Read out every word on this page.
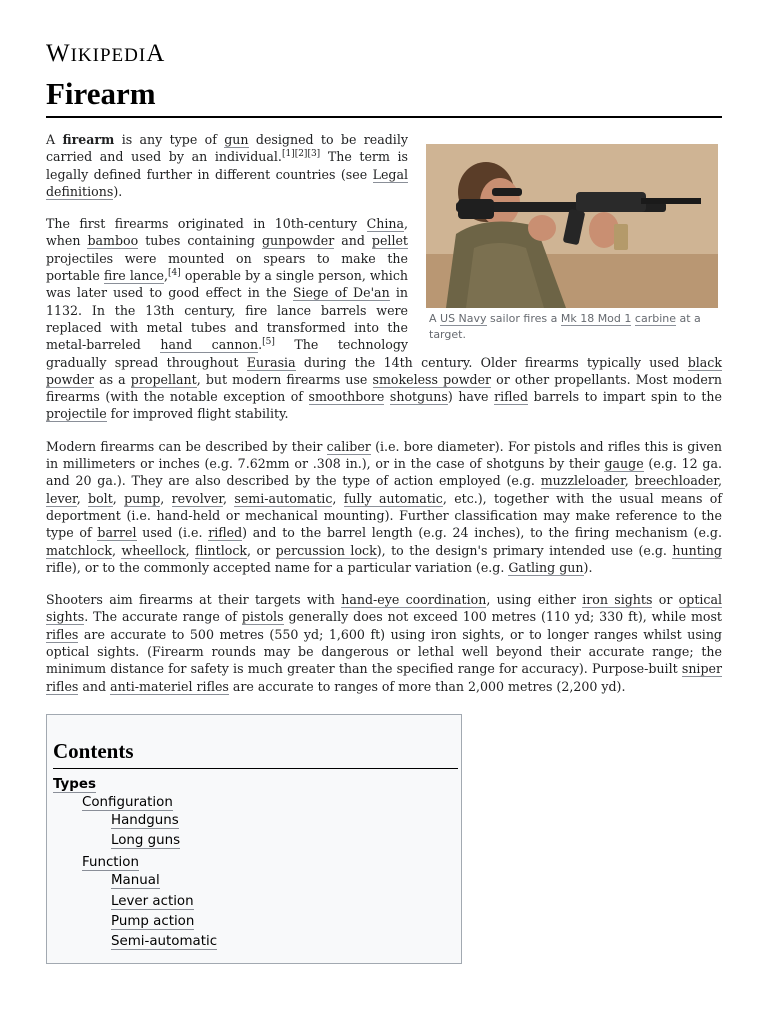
WIKIPEDIA
Firearm

A US Navy sailor fires a Mk 18 Mod 1 carbine at a target.
A firearm is any type of gun designed to be readily carried and used by an individual.[1][2][3] The term is legally defined further in different countries (see Legal definitions).

The first firearms originated in 10th-century China, when bamboo tubes containing gunpowder and pellet projectiles were mounted on spears to make the portable fire lance,[4] operable by a single person, which was later used to good effect in the Siege of De'an in 1132. In the 13th century, fire lance barrels were replaced with metal tubes and transformed into the metal-barreled hand cannon.[5] The technology gradually spread throughout Eurasia during the 14th century. Older firearms typically used black powder as a propellant, but modern firearms use smokeless powder or other propellants. Most modern firearms (with the notable exception of smoothbore shotguns) have rifled barrels to impart spin to the projectile for improved flight stability.

Modern firearms can be described by their caliber (i.e. bore diameter). For pistols and rifles this is given in millimeters or inches (e.g. 7.62mm or .308 in.), or in the case of shotguns by their gauge (e.g. 12 ga. and 20 ga.). They are also described by the type of action employed (e.g. muzzleloader, breechloader, lever, bolt, pump, revolver, semi-automatic, fully automatic, etc.), together with the usual means of deportment (i.e. hand-held or mechanical mounting). Further classification may make reference to the type of barrel used (i.e. rifled) and to the barrel length (e.g. 24 inches), to the firing mechanism (e.g. matchlock, wheellock, flintlock, or percussion lock), to the design's primary intended use (e.g. hunting rifle), or to the commonly accepted name for a particular variation (e.g. Gatling gun).

Shooters aim firearms at their targets with hand-eye coordination, using either iron sights or optical sights. The accurate range of pistols generally does not exceed 100 metres (110 yd; 330 ft), while most rifles are accurate to 500 metres (550 yd; 1,600 ft) using iron sights, or to longer ranges whilst using optical sights. (Firearm rounds may be dangerous or lethal well beyond their accurate range; the minimum distance for safety is much greater than the specified range for accuracy). Purpose-built sniper rifles and anti-materiel rifles are accurate to ranges of more than 2,000 metres (2,200 yd).

Contents
Types
Configuration
Handguns
Long guns
Function
Manual
Lever action
Pump action
Semi-automatic
